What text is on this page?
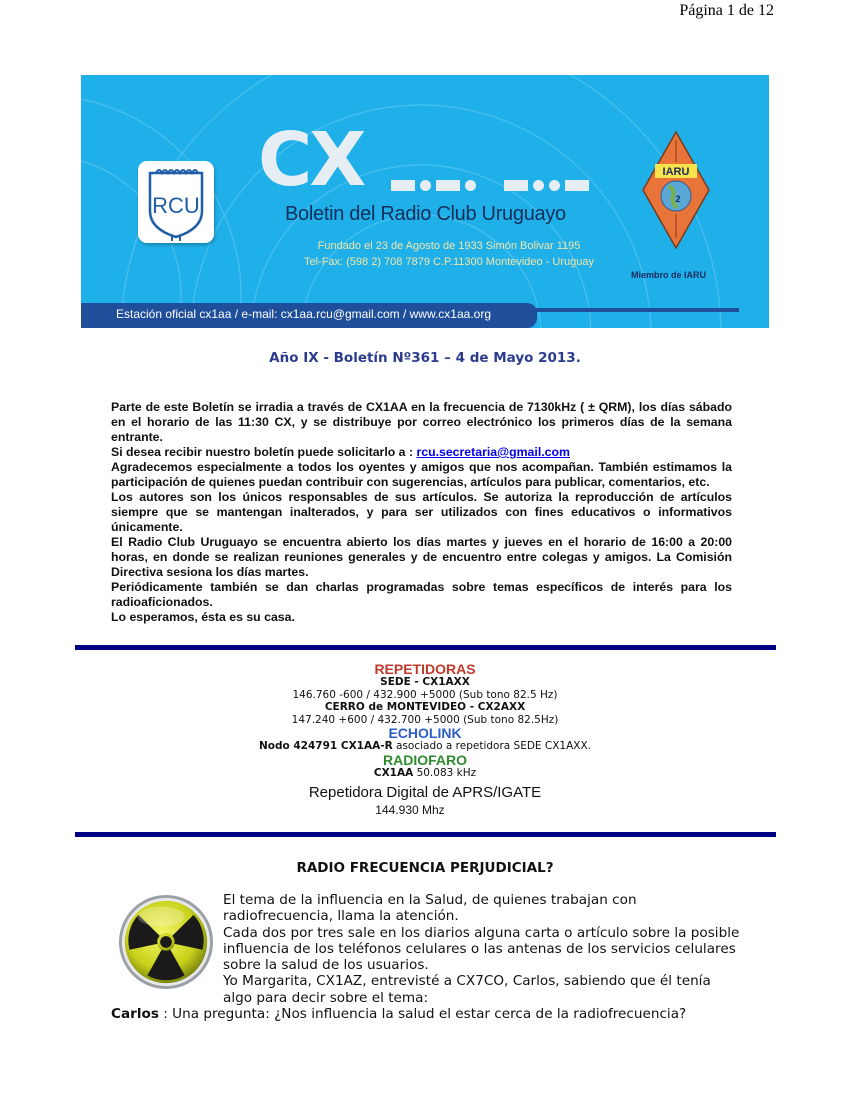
Página 1 de 12
RCU
CX
Boletin del Radio Club Uruguayo
Fundado el 23 de Agosto de 1933 Simón Bolivar 1195
Tel-Fax: (598 2) 708 7879 C.P.11300 Montevideo - Uruguay
IARU
2
Miembro de IARU
Estación oficial cx1aa / e-mail: cx1aa.rcu@gmail.com / www.cx1aa.org
Año IX - Boletín Nº361 – 4 de Mayo 2013.

Parte de este Boletín se irradia a través de CX1AA en la frecuencia de 7130kHz ( ± QRM), los días sábado en el horario de las 11:30 CX, y se distribuye por correo electrónico los primeros días de la semana entrante.

Si desea recibir nuestro boletín puede solicitarlo a : rcu.secretaria@gmail.com

Agradecemos especialmente a todos los oyentes y amigos que nos acompañan. También estimamos la participación de quienes puedan contribuir con sugerencias, artículos para publicar, comentarios, etc.

Los autores son los únicos responsables de sus artículos. Se autoriza la reproducción de artículos siempre que se mantengan inalterados, y para ser utilizados con fines educativos o informativos únicamente.

El Radio Club Uruguayo se encuentra abierto los días martes y jueves en el horario de 16:00 a 20:00 horas, en donde se realizan reuniones generales y de encuentro entre colegas y amigos. La Comisión Directiva sesiona los días martes.

Periódicamente también se dan charlas programadas sobre temas específicos de interés para los radioaficionados.

Lo esperamos, ésta es su casa.

REPETIDORAS
SEDE - CX1AXX
146.760 -600 / 432.900 +5000 (Sub tono 82.5 Hz)
CERRO de MONTEVIDEO - CX2AXX
147.240 +600 / 432.700 +5000 (Sub tono 82.5Hz)
ECHOLINK
Nodo 424791 CX1AA-R asociado a repetidora SEDE CX1AXX.
RADIOFARO
CX1AA 50.083 kHz
Repetidora Digital de APRS/IGATE
144.930 Mhz
RADIO FRECUENCIA PERJUDICIAL?

El tema de la influencia en la Salud, de quienes trabajan con radiofrecuencia, llama la atención.

Cada dos por tres sale en los diarios alguna carta o artículo sobre la posible influencia de los teléfonos celulares o las antenas de los servicios celulares sobre la salud de los usuarios.

Yo Margarita, CX1AZ, entrevisté a CX7CO, Carlos, sabiendo que él tenía algo para decir sobre el tema:

Carlos : Una pregunta: ¿Nos influencia la salud el estar cerca de la radiofrecuencia?
